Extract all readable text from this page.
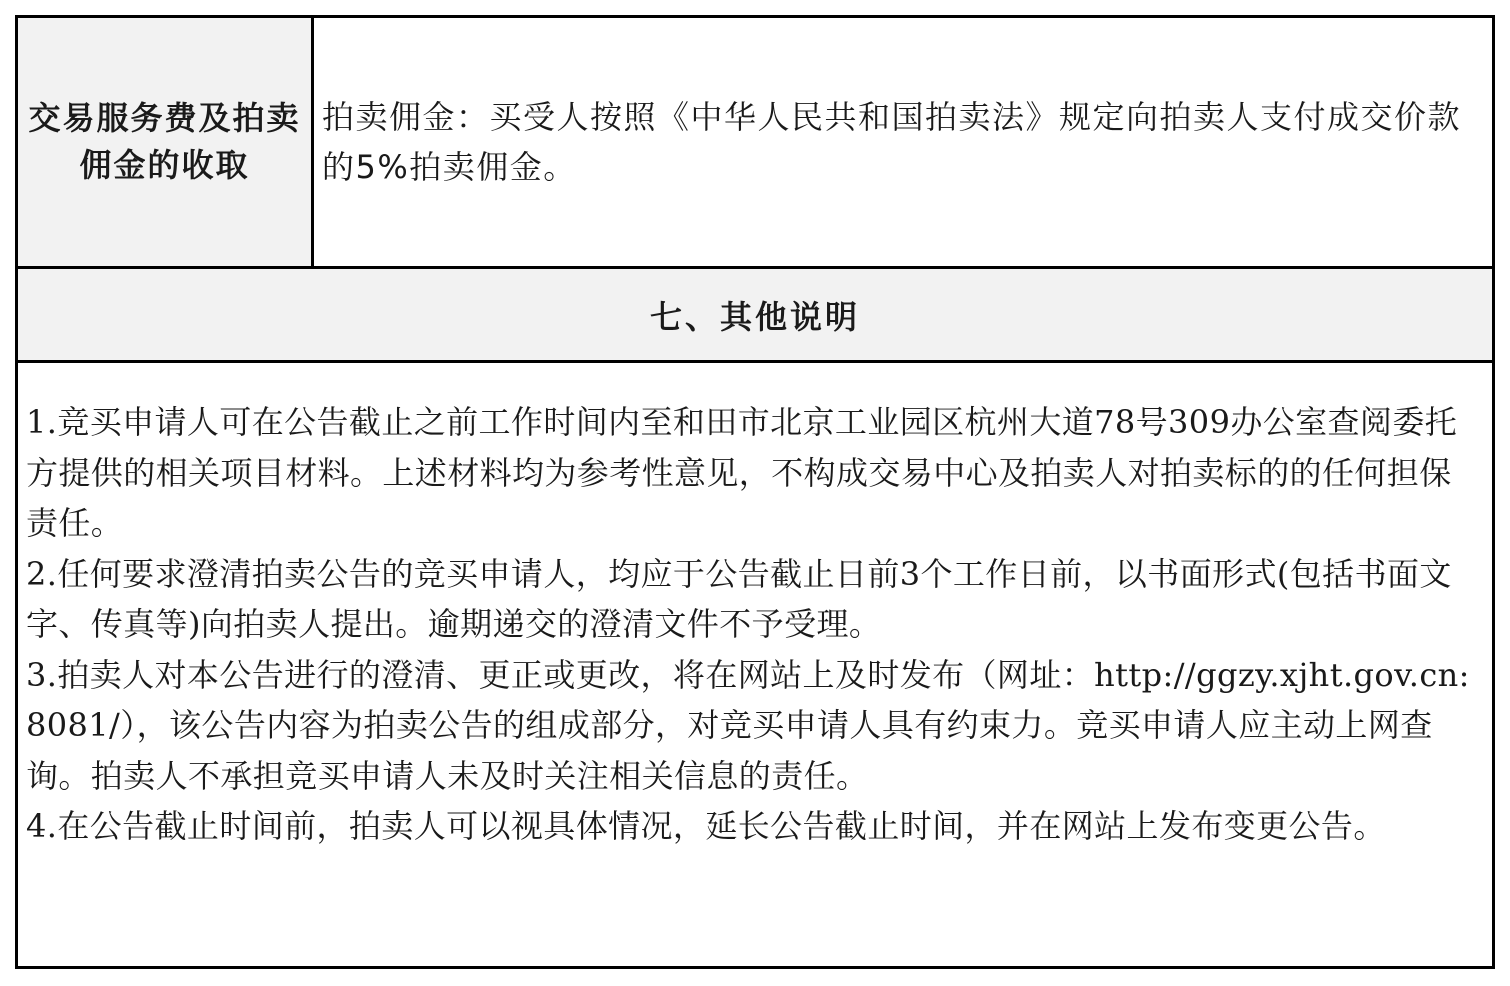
交易服务费及拍卖佣金的收取
拍卖佣金：买受人按照《中华人民共和国拍卖法》规定向拍卖人支付成交价款的5%拍卖佣金。
七、其他说明

1.竞买申请人可在公告截止之前工作时间内至和田市北京工业园区杭州大道78号309办公室查阅委托方提供的相关项目材料。上述材料均为参考性意见，不构成交易中心及拍卖人对拍卖标的的任何担保责任。

2.任何要求澄清拍卖公告的竞买申请人，均应于公告截止日前3个工作日前，以书面形式(包括书面文字、传真等)向拍卖人提出。逾期递交的澄清文件不予受理。

3.拍卖人对本公告进行的澄清、更正或更改，将在网站上及时发布（网址：http://ggzy.xjht.gov.cn:8081/），该公告内容为拍卖公告的组成部分，对竞买申请人具有约束力。竞买申请人应主动上网查询。拍卖人不承担竞买申请人未及时关注相关信息的责任。

4.在公告截止时间前，拍卖人可以视具体情况，延长公告截止时间，并在网站上发布变更公告。
